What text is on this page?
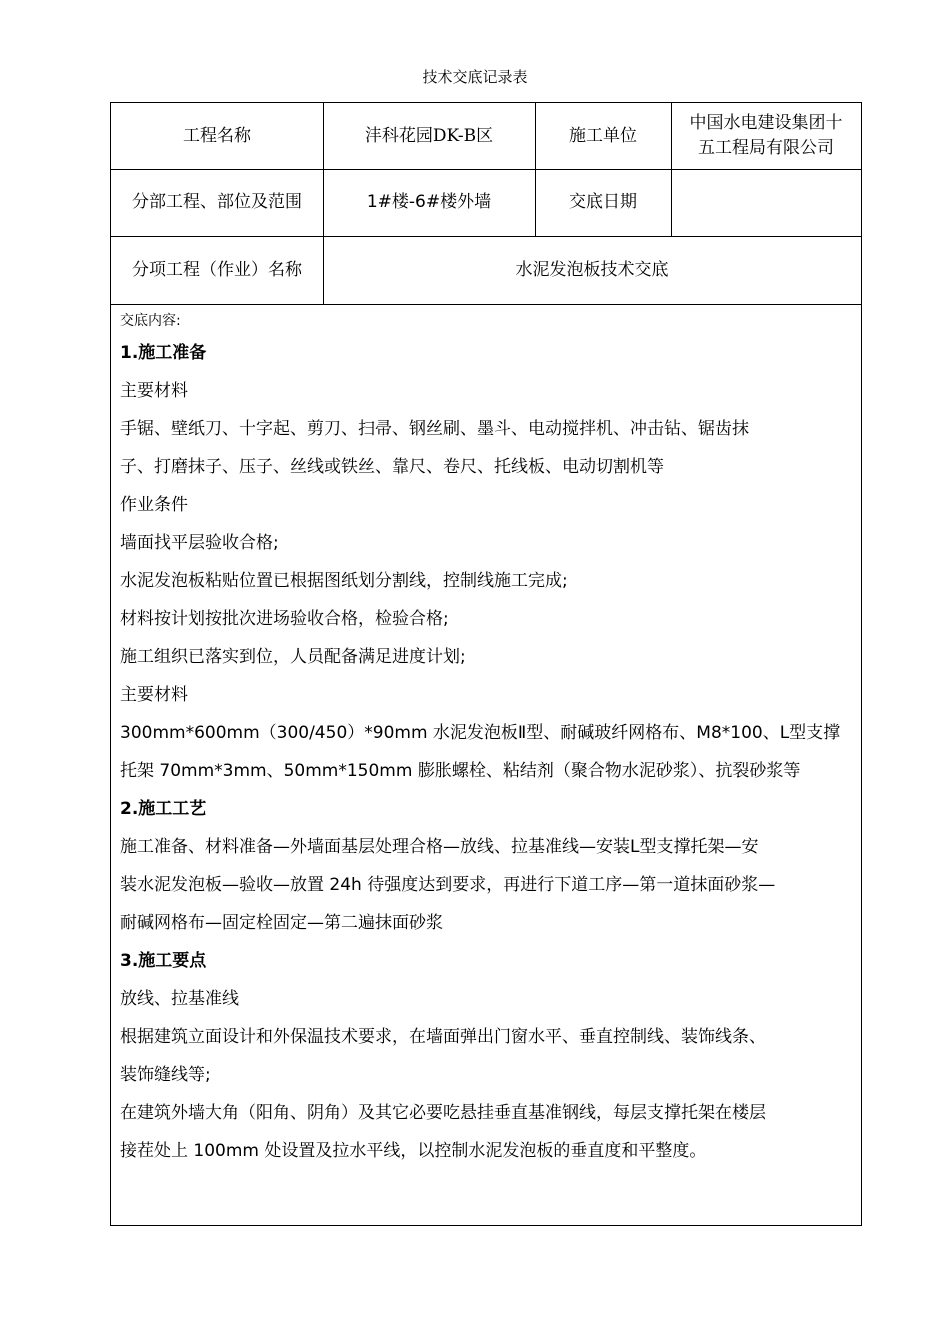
技术交底记录表
工程名称	沣科花园DK-B区	施工单位
中国水电建设集团十
五工程局有限公司
分部工程、部位及范围	1#楼-6#楼外墙	交底日期
分项工程（作业）名称	水泥发泡板技术交底

交底内容:

1.施工准备

主要材料

手锯、壁纸刀、十字起、剪刀、扫帚、钢丝刷、墨斗、电动搅拌机、冲击钻、锯齿抹

子、打磨抹子、压子、丝线或铁丝、靠尺、卷尺、托线板、电动切割机等

作业条件

墙面找平层验收合格;

水泥发泡板粘贴位置已根据图纸划分割线，控制线施工完成;

材料按计划按批次进场验收合格，检验合格;

施工组织已落实到位，人员配备满足进度计划;

主要材料

300mm*600mm（300/450）*90mm 水泥发泡板Ⅱ型、耐碱玻纤网格布、M8*100、L型支撑

托架 70mm*3mm、50mm*150mm 膨胀螺栓、粘结剂（聚合物水泥砂浆）、抗裂砂浆等

2.施工工艺

施工准备、材料准备—外墙面基层处理合格—放线、拉基准线—安装L型支撑托架—安

装水泥发泡板—验收—放置 24h 待强度达到要求，再进行下道工序—第一道抹面砂浆—

耐碱网格布—固定栓固定—第二遍抹面砂浆

3.施工要点

放线、拉基准线

根据建筑立面设计和外保温技术要求，在墙面弹出门窗水平、垂直控制线、装饰线条、

装饰缝线等;

在建筑外墙大角（阳角、阴角）及其它必要吃悬挂垂直基准钢线，每层支撑托架在楼层

接茬处上 100mm 处设置及拉水平线，以控制水泥发泡板的垂直度和平整度。
